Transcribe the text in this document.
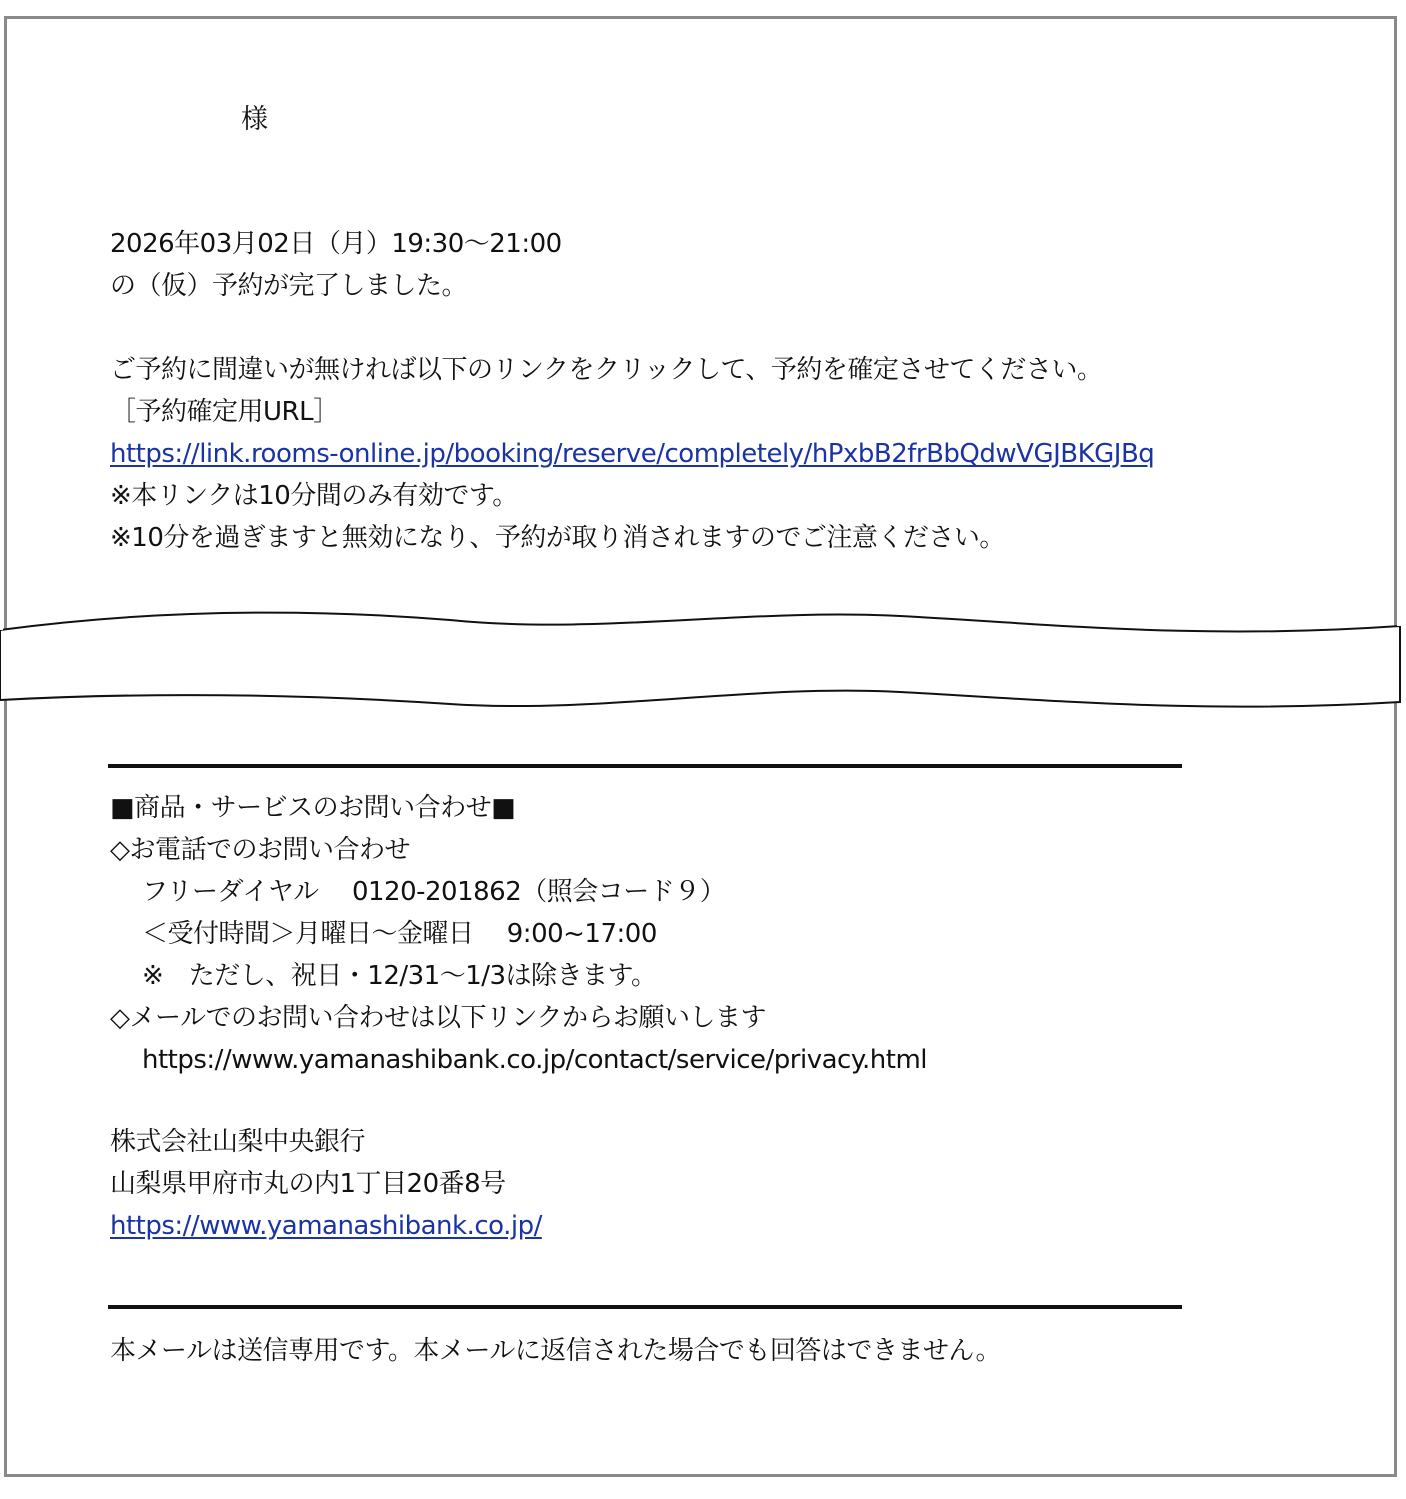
様
2026年03月02日（月）19:30～21:00
の（仮）予約が完了しました。
ご予約に間違いが無ければ以下のリンクをクリックして、予約を確定させてください。
［予約確定用URL］
https://link.rooms-online.jp/booking/reserve/completely/hPxbB2frBbQdwVGJBKGJBq
※本リンクは10分間のみ有効です。
※10分を過ぎますと無効になり、予約が取り消されますのでご注意ください。
■商品・サービスのお問い合わせ■
◇お電話でのお問い合わせ
フリーダイヤル　 0120-201862（照会コード９）
＜受付時間＞月曜日～金曜日　 9:00~17:00
※　ただし、祝日・12/31～1/3は除きます。
◇メールでのお問い合わせは以下リンクからお願いします
https://www.yamanashibank.co.jp/contact/service/privacy.html
株式会社山梨中央銀行
山梨県甲府市丸の内1丁目20番8号
https://www.yamanashibank.co.jp/
本メールは送信専用です。本メールに返信された場合でも回答はできません。
